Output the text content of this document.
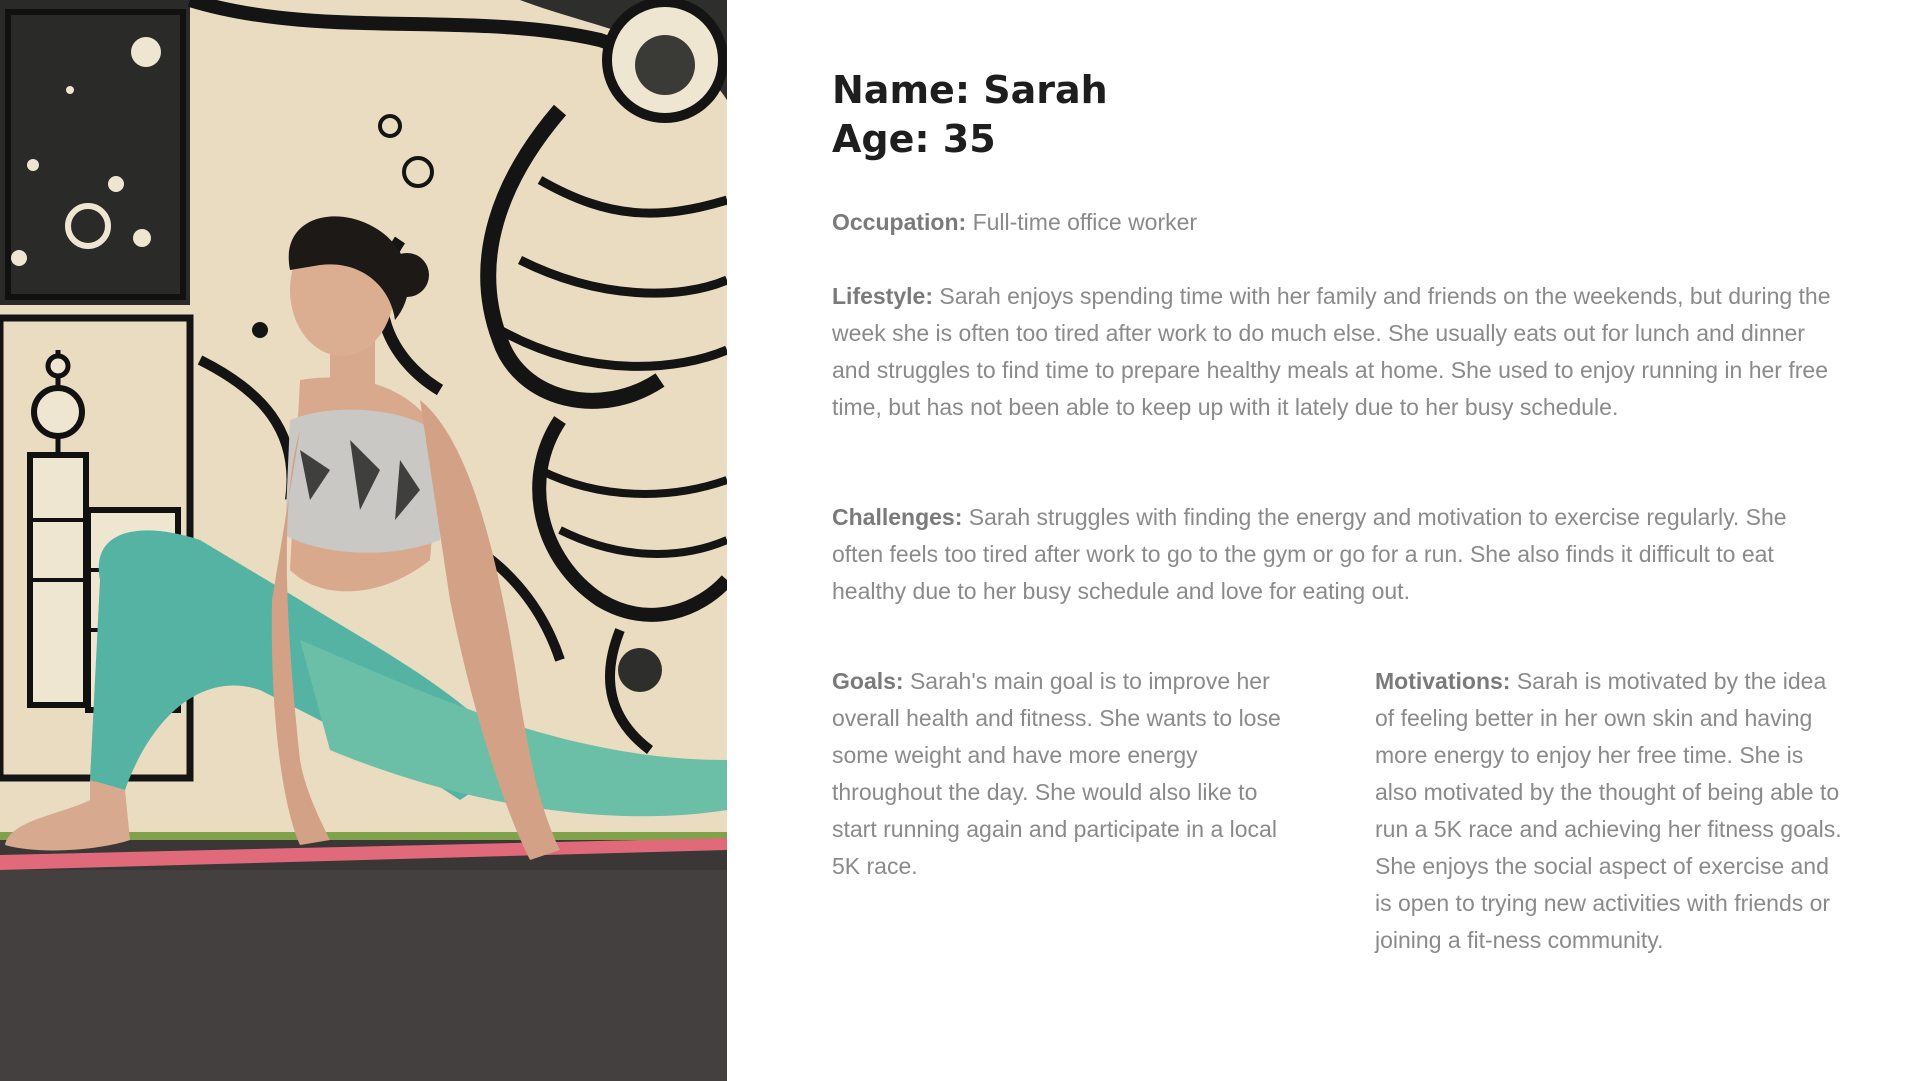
Name: Sarah
Age: 35

Occupation: Full-time office worker

Lifestyle: Sarah enjoys spending time with her family and friends on the weekends, but during the week she is often too tired after work to do much else. She usually eats out for lunch and dinner and struggles to find time to prepare healthy meals at home. She used to enjoy running in her free time, but has not been able to keep up with it lately due to her busy schedule.

Challenges: Sarah struggles with finding the energy and motivation to exercise regularly. She often feels too tired after work to go to the gym or go for a run. She also finds it difficult to eat healthy due to her busy schedule and love for eating out.

Goals: Sarah's main goal is to improve her overall health and fitness. She wants to lose some weight and have more energy throughout the day. She would also like to start running again and participate in a local 5K race.

Motivations: Sarah is motivated by the idea of feeling better in her own skin and having more energy to enjoy her free time. She is also motivated by the thought of being able to run a 5K race and achieving her fitness goals. She enjoys the social aspect of exercise and is open to trying new activities with friends or joining a fit-ness community.
